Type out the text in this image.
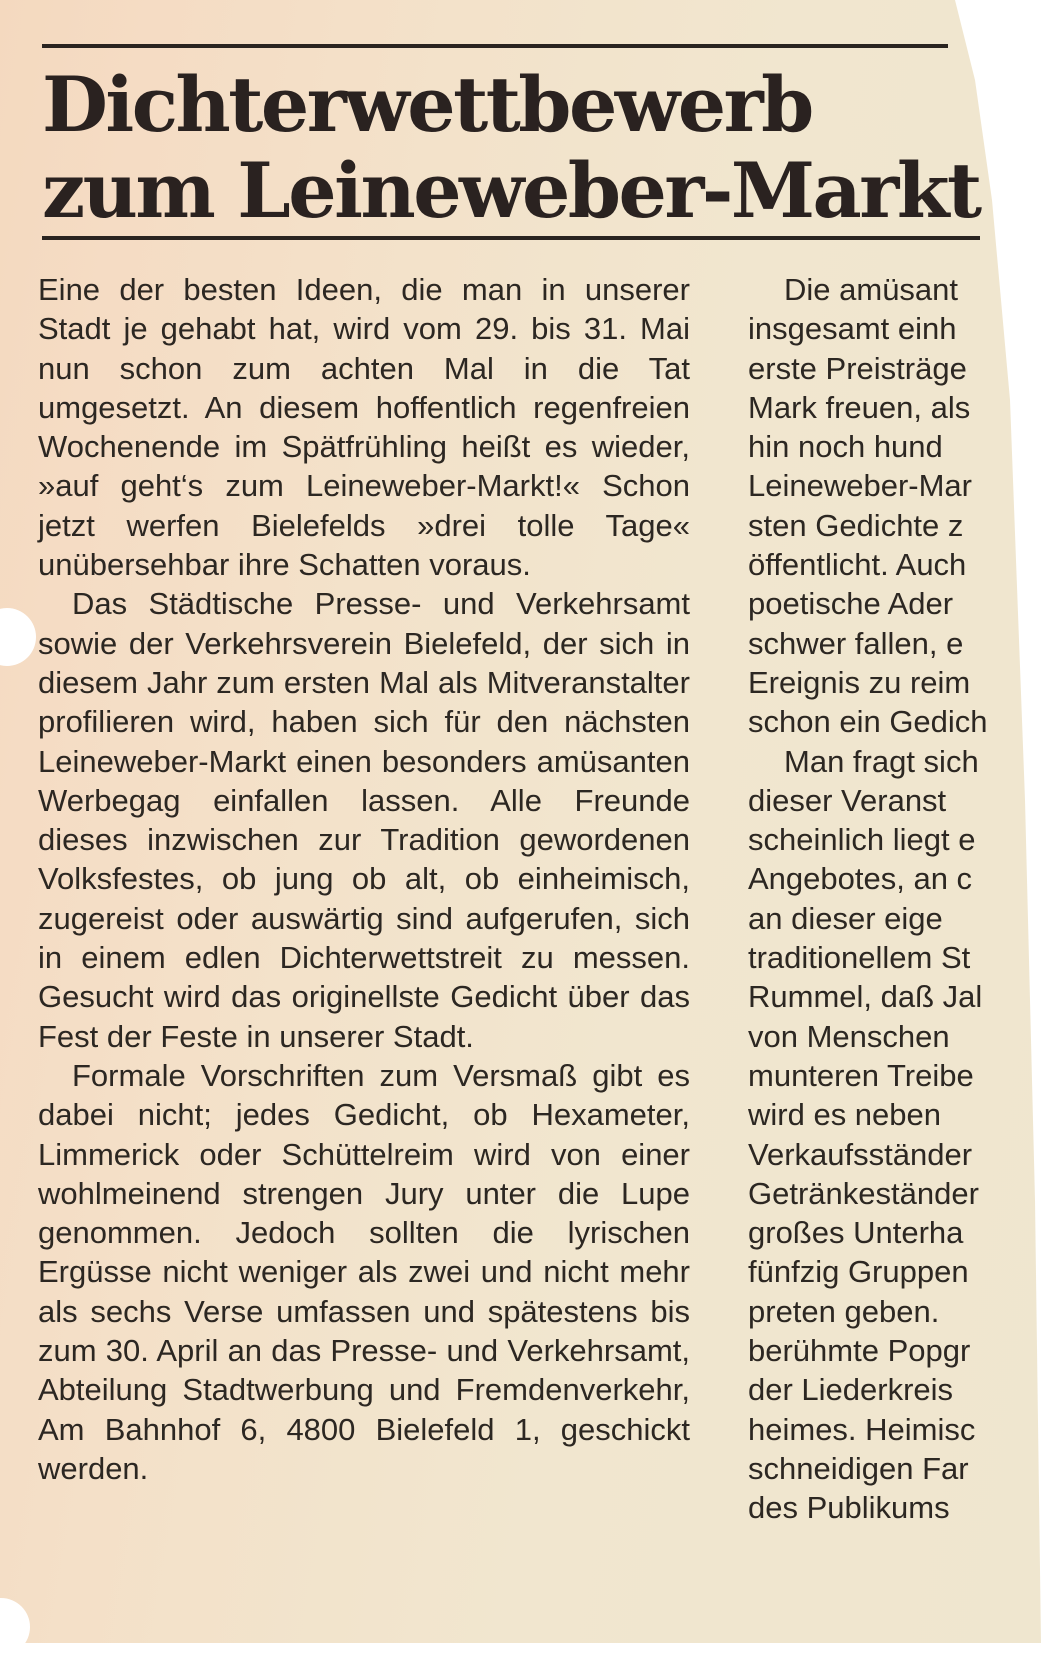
Dichterwettbewerb
zum Leineweber-Markt

Eine der besten Ideen, die man in unserer Stadt je gehabt hat, wird vom 29. bis 31. Mai nun schon zum achten Mal in die Tat umgesetzt. An diesem hoffentlich regenfreien Wochenende im Spätfrühling heißt es wieder, »auf geht‘s zum Leineweber-Markt!« Schon jetzt werfen Bielefelds »drei tolle Tage« unübersehbar ihre Schatten voraus.

Das Städtische Presse- und Verkehrsamt sowie der Verkehrsverein Bielefeld, der sich in diesem Jahr zum ersten Mal als Mitveranstalter profilieren wird, haben sich für den nächsten Leineweber-Markt einen besonders amüsanten Werbegag einfallen lassen. Alle Freunde dieses inzwischen zur Tradition gewordenen Volksfestes, ob jung ob alt, ob einheimisch, zugereist oder auswärtig sind aufgerufen, sich in einem edlen Dichterwettstreit zu messen. Gesucht wird das originellste Gedicht über das Fest der Feste in unserer Stadt.

Formale Vorschriften zum Versmaß gibt es dabei nicht; jedes Gedicht, ob Hexameter, Limmerick oder Schüttelreim wird von einer wohlmeinend strengen Jury unter die Lupe genommen. Jedoch sollten die lyrischen Ergüsse nicht weniger als zwei und nicht mehr als sechs Verse umfassen und spätestens bis zum 30. April an das Presse- und Verkehrsamt, Abteilung Stadtwerbung und Fremdenverkehr, Am Bahnhof 6, 4800 Bielefeld 1, geschickt werden.

Die amüsant
insgesamt einh
erste Preisträge
Mark freuen, als
hin noch hund
Leineweber-Mar
sten Gedichte z
öffentlicht. Auch
poetische Ader
schwer fallen, e
Ereignis zu reim
schon ein Gedich
Man fragt sich
dieser Veranst
scheinlich liegt e
Angebotes, an c
an dieser eige
traditionellem St
Rummel, daß Jal
von Menschen
munteren Treibe
wird es neben
Verkaufsständer
Getränkeständer
großes Unterha
fünfzig Gruppen
preten geben.
berühmte Popgr
der Liederkreis
heimes. Heimisc
schneidigen Far
des Publikums
